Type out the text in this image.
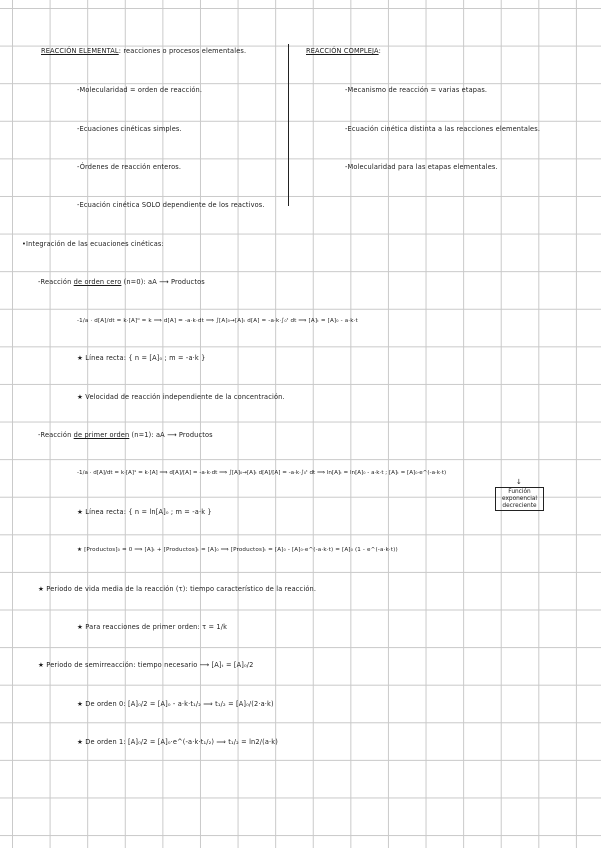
REACCIÓN ELEMENTAL: reacciones o procesos elementales.
-Molecularidad = orden de reacción.
-Ecuaciones cinéticas simples.
-Órdenes de reacción enteros.
-Ecuación cinética SOLO dependiente de los reactivos.
REACCIÓN COMPLEJA:
-Mecanismo de reacción = varias etapas.
-Ecuación cinética distinta a las reacciones elementales.
-Molecularidad para las etapas elementales.
•Integración de las ecuaciones cinéticas:
-Reacción de orden cero (n=0): aA ⟶ Productos
-1/a · d[A]/dt = k·[A]⁰ = k ⟹ d[A] = -a·k·dt ⟹ ∫[A]₀→[A]ₜ d[A] = -a·k·∫₀ᵗ dt ⟹ [A]ₜ = [A]₀ - a·k·t
★ Línea recta: { n = [A]₀ ; m = -a·k }
★ Velocidad de reacción independiente de la concentración.
-Reacción de primer orden (n=1): aA ⟶ Productos
-1/a · d[A]/dt = k·[A]¹ = k·[A] ⟹ d[A]/[A] = -a·k·dt ⟹ ∫[A]₀→[A]ₜ d[A]/[A] = -a·k·∫₀ᵗ dt ⟹ ln[A]ₜ = ln[A]₀ - a·k·t ; [A]ₜ = [A]₀·e^(-a·k·t)
↓
Función
exponencial
decreciente
★ Línea recta: { n = ln[A]₀ ; m = -a·k }
★ [Productos]₀ = 0 ⟹ [A]ₜ + [Productos]ₜ = [A]₀ ⟹ [Productos]ₜ = [A]₀ - [A]₀·e^(-a·k·t) = [A]₀ (1 - e^(-a·k·t))
★ Periodo de vida media de la reacción (τ): tiempo característico de la reacción.
★ Para reacciones de primer orden: τ = 1/k
★ Periodo de semirreacción: tiempo necesario ⟶ [A]ₜ = [A]₀/2
★ De orden 0: [A]₀/2 = [A]₀ - a·k·t₁/₂ ⟹ t₁/₂ = [A]₀/(2·a·k)
★ De orden 1: [A]₀/2 = [A]₀·e^(-a·k·t₁/₂) ⟹ t₁/₂ = ln2/(a·k)
